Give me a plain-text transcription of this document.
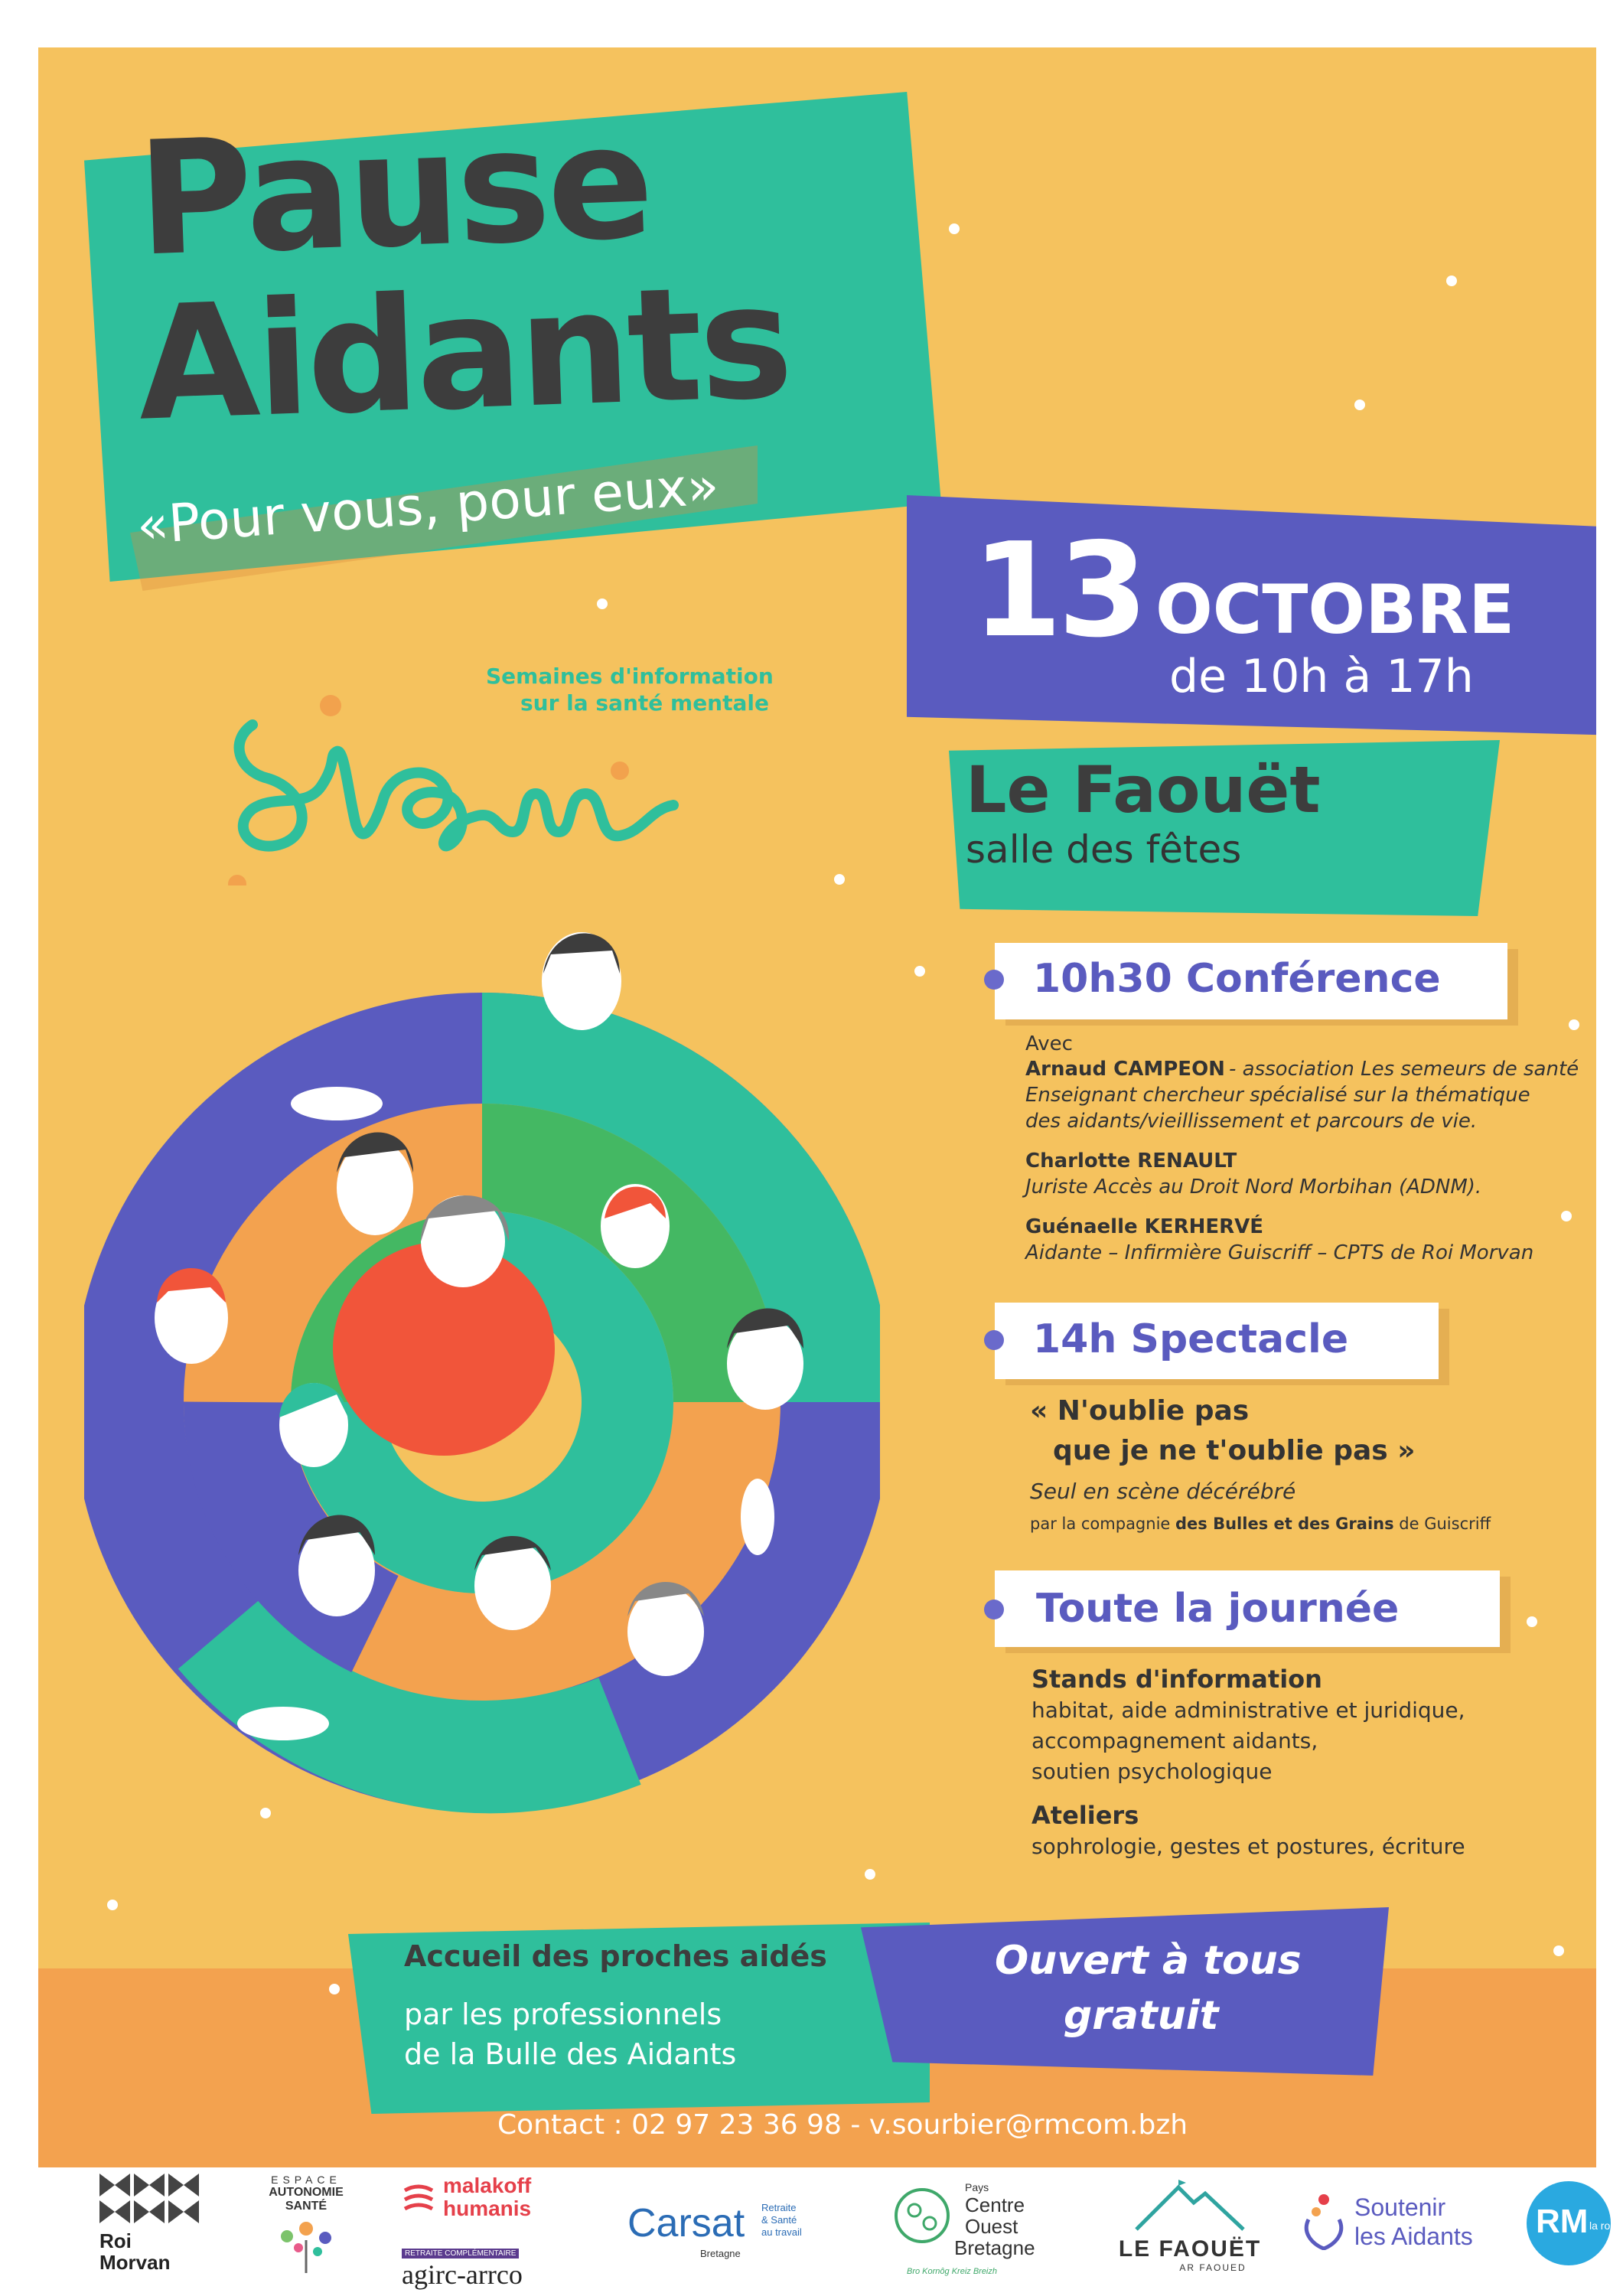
Pause
Aidants
«Pour vous, pour eux»
13 OCTOBRE
de 10h à 17h
Le Faouët
salle des fêtes
Semaines d'information
sur la santé mentale
10h30 Conférence
Avec
Arnaud CAMPEON - association Les semeurs de santé
Enseignant chercheur spécialisé sur la thématique
des aidants/vieillissement et parcours de vie.
Charlotte RENAULT
Juriste Accès au Droit Nord Morbihan (ADNM).
Guénaelle KERHERVÉ
Aidante – Infirmière Guiscriff – CPTS de Roi Morvan
14h Spectacle
« N'oublie pas
que je ne t'oublie pas »
Seul en scène décérébré
par la compagnie des Bulles et des Grains de Guiscriff
Toute la journée
Stands d'information
habitat, aide administrative et juridique,
accompagnement aidants,
soutien psychologique
Ateliers
sophrologie, gestes et postures, écriture
Accueil des proches aidés
par les professionnels
de la Bulle des Aidants
Ouvert à tous
gratuit
Contact : 02 97 23 36 98 - v.sourbier@rmcom.bzh
Roi
Morvan
ESPACE
AUTONOMIE
SANTÉ
malakoff
humanis
RETRAITE COMPLÉMENTAIRE
agirc-arrco
Carsat Retraite
& Santé
au travail
Bretagne
Pays
Centre
Ouest
Bretagne
Bro Kornôg Kreiz Breizh
LE FAOUËT
AR FAOUED
Soutenir
les Aidants RM la ro
